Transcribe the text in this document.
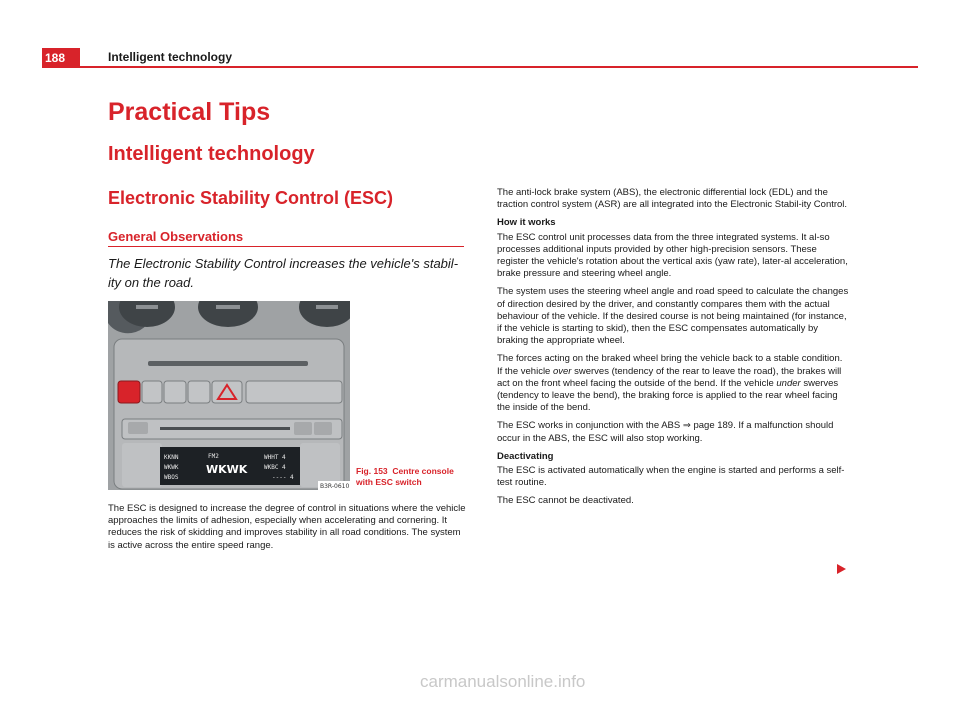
188	Intelligent technology
Practical Tips
Intelligent technology
Electronic Stability Control (ESC)
General Observations

The Electronic Stability Control increases the vehicle's stabil-ity on the road.

KKNN
WKWK
WBOS
FM2
WKWK
WHHT 4
WKBC 4
---- 4
B3R-0610
Fig. 153 Centre console with ESC switch

The ESC is designed to increase the degree of control in situations where the vehicle approaches the limits of adhesion, especially when accelerating and cornering. It reduces the risk of skidding and improves stability in all road conditions. The system is active across the entire speed range.

The anti-lock brake system (ABS), the electronic differential lock (EDL) and the traction control system (ASR) are all integrated into the Electronic Stabil-ity Control.

How it works

The ESC control unit processes data from the three integrated systems. It al-so processes additional inputs provided by other high-precision sensors. These register the vehicle's rotation about the vertical axis (yaw rate), later-al acceleration, brake pressure and steering wheel angle.

The system uses the steering wheel angle and road speed to calculate the changes of direction desired by the driver, and constantly compares them with the actual behaviour of the vehicle. If the desired course is not being maintained (for instance, if the vehicle is starting to skid), then the ESC compensates automatically by braking the appropriate wheel.

The forces acting on the braked wheel bring the vehicle back to a stable condition. If the vehicle over swerves (tendency of the rear to leave the road), the brakes will act on the front wheel facing the outside of the bend. If the vehicle under swerves (tendency to leave the bend), the braking force is applied to the rear wheel facing the inside of the bend.

The ESC works in conjunction with the ABS ⇒ page 189. If a malfunction should occur in the ABS, the ESC will also stop working.

Deactivating

The ESC is activated automatically when the engine is started and performs a self-test routine.

The ESC cannot be deactivated.

carmanualsonline.info
